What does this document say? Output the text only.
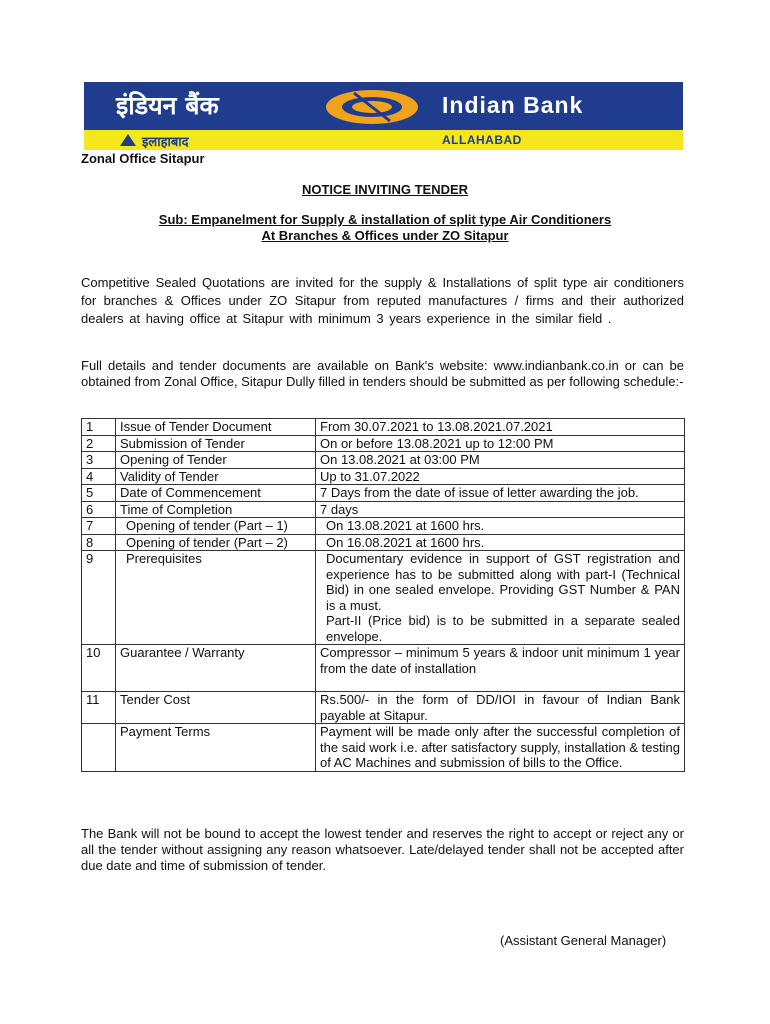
इंडियन बैंक	Indian Bank
इलाहाबाद	ALLAHABAD
Zonal Office Sitapur
NOTICE INVITING TENDER
Sub: Empanelment for Supply & installation of split type Air Conditioners
At Branches & Offices under ZO Sitapur
Competitive Sealed Quotations are invited for the supply & Installations of split type air conditioners for branches & Offices under ZO Sitapur from reputed manufactures / firms and their authorized dealers at having office at Sitapur with minimum 3 years experience in the similar field .
Full details and tender documents are available on Bank's website: www.indianbank.co.in or can be obtained from Zonal Office, Sitapur Dully filled in tenders should be submitted as per following schedule:-
1	Issue of Tender Document	From 30.07.2021 to 13.08.2021.07.2021
2	Submission of Tender	On or before 13.08.2021 up to 12:00 PM
3	Opening of Tender	On 13.08.2021 at 03:00 PM
4	Validity of Tender	Up to 31.07.2022
5	Date of Commencement	7 Days from the date of issue of letter awarding the job.
6	Time of Completion	7 days
7	Opening of tender (Part – 1)	On 13.08.2021 at 1600 hrs.
8	Opening of tender (Part – 2)	On 16.08.2021 at 1600 hrs.
9	Prerequisites	Documentary evidence in support of GST registration and experience has to be submitted along with part-I (Technical Bid) in one sealed envelope. Providing GST Number & PAN is a must.
Part-II (Price bid) is to be submitted in a separate sealed envelope.

10	Guarantee / Warranty	Compressor – minimum 5 years & indoor unit minimum 1 year from the date of installation
11	Tender Cost	Rs.500/- in the form of DD/IOI in favour of Indian Bank payable at Sitapur.
	Payment Terms	Payment will be made only after the successful completion of the said work i.e. after satisfactory supply, installation & testing of AC Machines and submission of bills to the Office.
The Bank will not be bound to accept the lowest tender and reserves the right to accept or reject any or all the tender without assigning any reason whatsoever. Late/delayed tender shall not be accepted after due date and time of submission of tender.
(Assistant General Manager)
